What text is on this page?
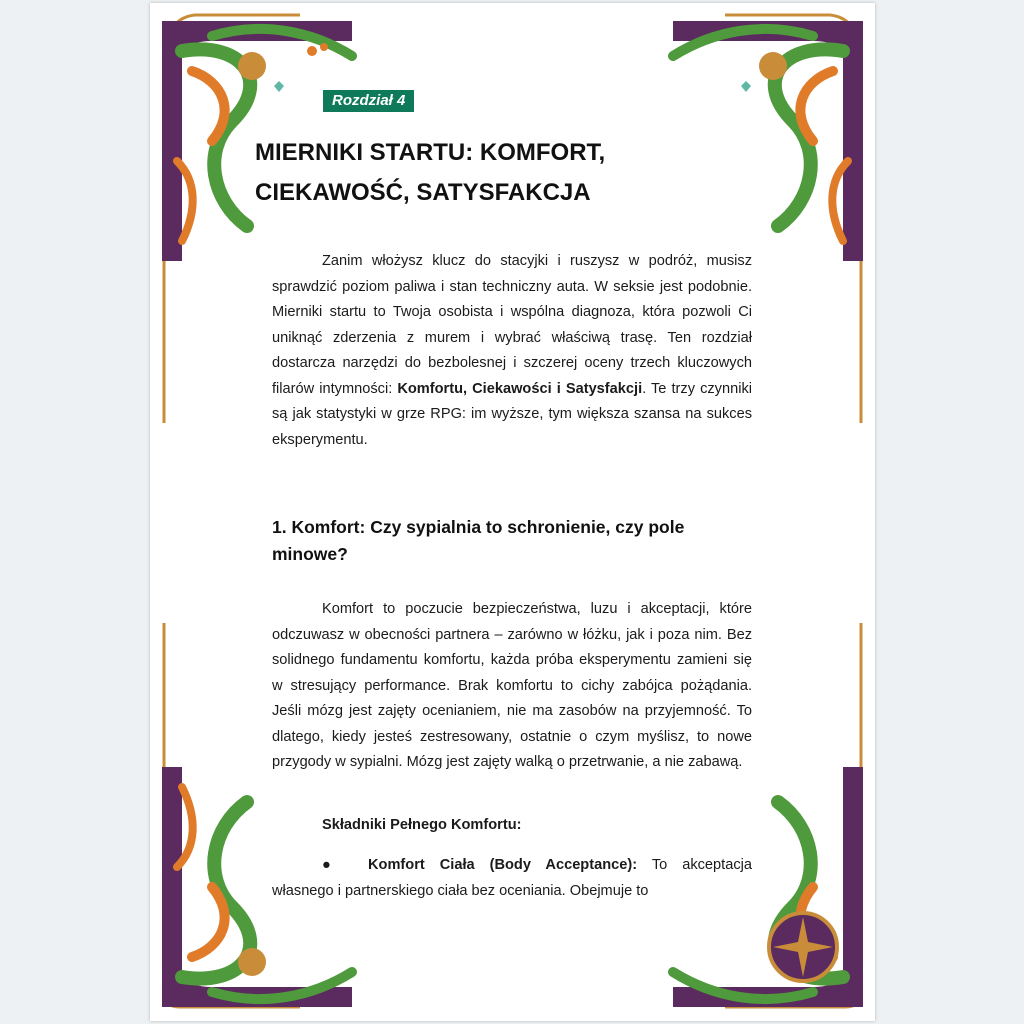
Rozdział 4
MIERNIKI STARTU: KOMFORT,
CIEKAWOŚĆ, SATYSFAKCJA

Zanim włożysz klucz do stacyjki i ruszysz w podróż, musisz sprawdzić poziom paliwa i stan techniczny auta. W seksie jest podobnie. Mierniki startu to Twoja osobista i wspólna diagnoza, która pozwoli Ci uniknąć zderzenia z murem i wybrać właściwą trasę. Ten rozdział dostarcza narzędzi do bezbolesnej i szczerej oceny trzech kluczowych filarów intymności: Komfortu, Ciekawości i Satysfakcji. Te trzy czynniki są jak statystyki w grze RPG: im wyższe, tym większa szansa na sukces eksperymentu.

1. Komfort: Czy sypialnia to schronienie, czy pole minowe?

Komfort to poczucie bezpieczeństwa, luzu i akceptacji, które odczuwasz w obecności partnera – zarówno w łóżku, jak i poza nim. Bez solidnego fundamentu komfortu, każda próba eksperymentu zamieni się w stresujący performance. Brak komfortu to cichy zabójca pożądania. Jeśli mózg jest zajęty ocenianiem, nie ma zasobów na przyjemność. To dlatego, kiedy jesteś zestresowany, ostatnie o czym myślisz, to nowe przygody w sypialni. Mózg jest zajęty walką o przetrwanie, a nie zabawą.

Składniki Pełnego Komfortu:

●	Komfort Ciała (Body Acceptance): To akceptacja własnego i partnerskiego ciała bez oceniania. Obejmuje to
